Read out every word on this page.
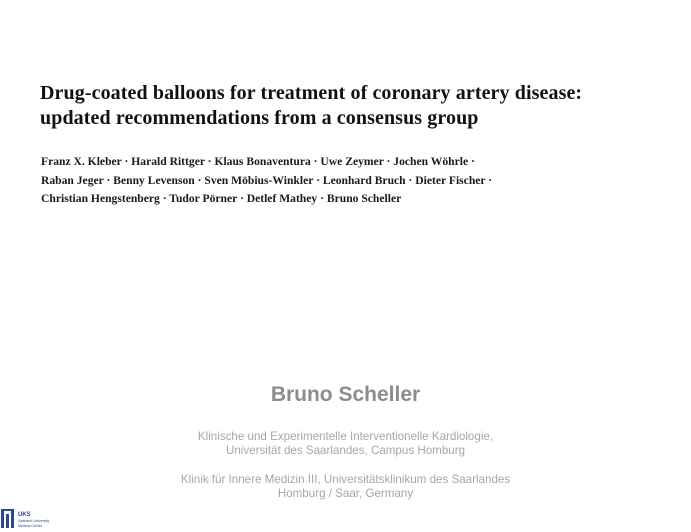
Drug-coated balloons for treatment of coronary artery disease:
updated recommendations from a consensus group
Franz X. Kleber · Harald Rittger · Klaus Bonaventura · Uwe Zeymer · Jochen Wöhrle ·
Raban Jeger · Benny Levenson · Sven Möbius-Winkler · Leonhard Bruch · Dieter Fischer ·
Christian Hengstenberg · Tudor Pörner · Detlef Mathey · Bruno Scheller
Bruno Scheller
Klinische und Experimentelle Interventionelle Kardiologie,
Universität des Saarlandes, Campus Homburg
Klinik für Innere Medizin III, Universitätsklinikum des Saarlandes
Homburg / Saar, Germany
UKS
Saarland University
Medical Center
